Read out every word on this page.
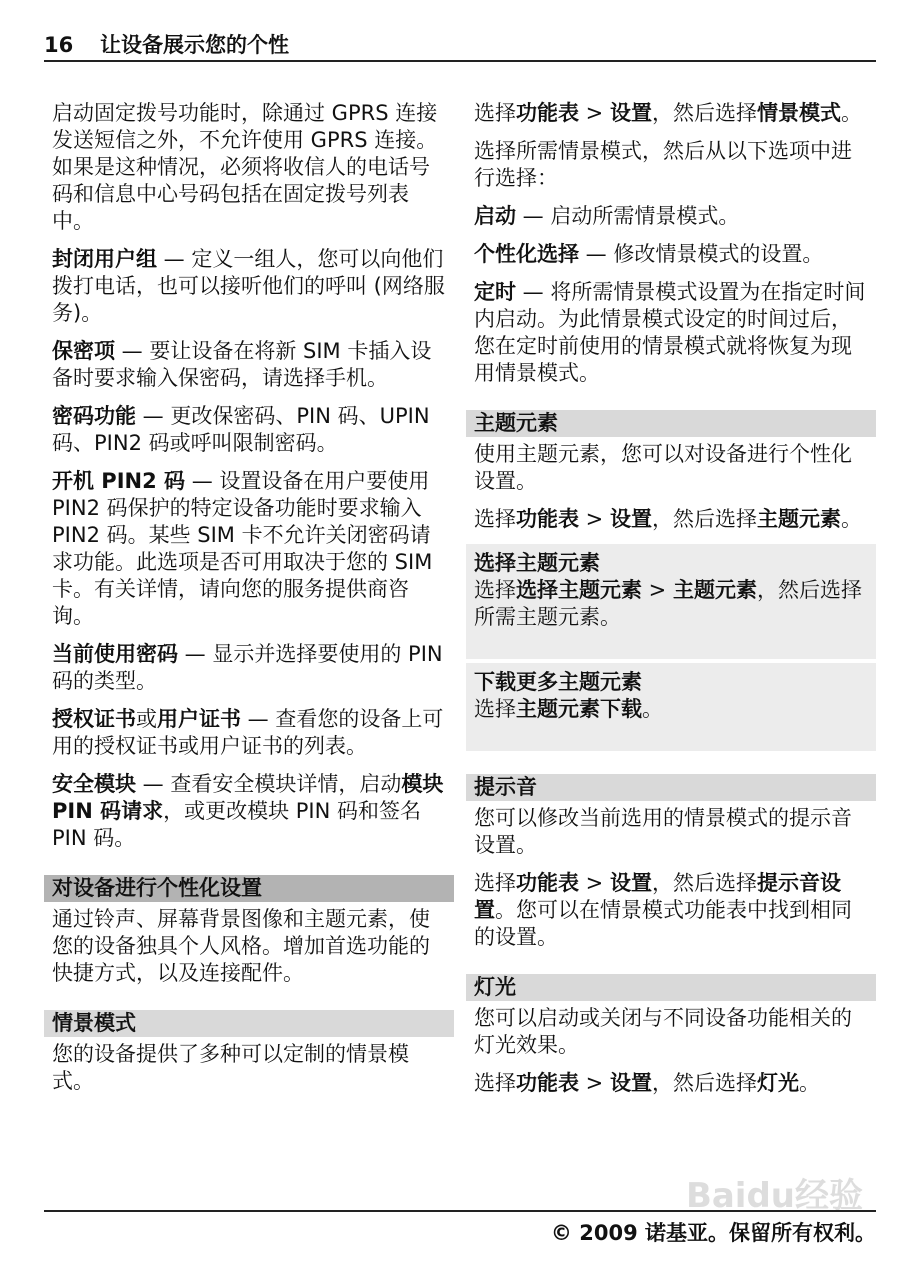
16 让设备展示您的个性

启动固定拨号功能时，除通过 GPRS 连接发送短信之外，不允许使用 GPRS 连接。如果是这种情况，必须将收信人的电话号码和信息中心号码包括在固定拨号列表中。

封闭用户组 — 定义一组人，您可以向他们拨打电话，也可以接听他们的呼叫 (网络服务)。

保密项 — 要让设备在将新 SIM 卡插入设备时要求输入保密码，请选择手机。

密码功能 — 更改保密码、PIN 码、UPIN 码、PIN2 码或呼叫限制密码。

开机 PIN2 码 — 设置设备在用户要使用 PIN2 码保护的特定设备功能时要求输入 PIN2 码。某些 SIM 卡不允许关闭密码请求功能。此选项是否可用取决于您的 SIM 卡。有关详情，请向您的服务提供商咨询。

当前使用密码 — 显示并选择要使用的 PIN 码的类型。

授权证书或用户证书 — 查看您的设备上可用的授权证书或用户证书的列表。

安全模块 — 查看安全模块详情，启动模块 PIN 码请求，或更改模块 PIN 码和签名 PIN 码。

对设备进行个性化设置

通过铃声、屏幕背景图像和主题元素，使您的设备独具个人风格。增加首选功能的快捷方式，以及连接配件。

情景模式

您的设备提供了多种可以定制的情景模式。

选择功能表 > 设置，然后选择情景模式。

选择所需情景模式，然后从以下选项中进行选择：

启动 — 启动所需情景模式。

个性化选择 — 修改情景模式的设置。

定时 — 将所需情景模式设置为在指定时间内启动。为此情景模式设定的时间过后，您在定时前使用的情景模式就将恢复为现用情景模式。

主题元素

使用主题元素，您可以对设备进行个性化设置。

选择功能表 > 设置，然后选择主题元素。

选择主题元素

选择选择主题元素 > 主题元素，然后选择所需主题元素。

下载更多主题元素

选择主题元素下载。

提示音

您可以修改当前选用的情景模式的提示音设置。

选择功能表 > 设置，然后选择提示音设置。您可以在情景模式功能表中找到相同的设置。

灯光

您可以启动或关闭与不同设备功能相关的灯光效果。

选择功能表 > 设置，然后选择灯光。

Baidu经验
© 2009 诺基亚。保留所有权利。
